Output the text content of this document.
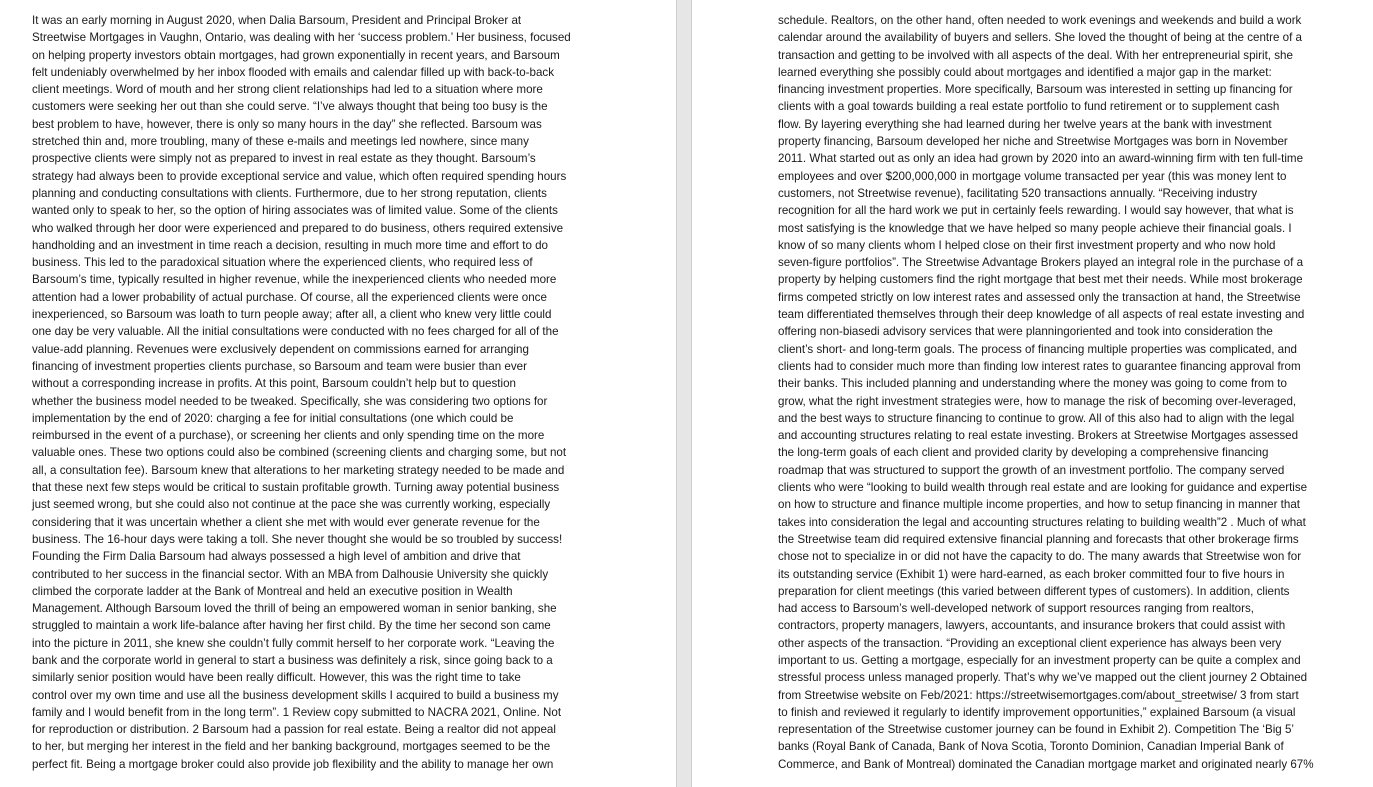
It was an early morning in August 2020, when Dalia Barsoum, President and Principal Broker at
Streetwise Mortgages in Vaughn, Ontario, was dealing with her ‘success problem.’ Her business, focused
on helping property investors obtain mortgages, had grown exponentially in recent years, and Barsoum
felt undeniably overwhelmed by her inbox flooded with emails and calendar filled up with back-to-back
client meetings. Word of mouth and her strong client relationships had led to a situation where more
customers were seeking her out than she could serve. “I’ve always thought that being too busy is the
best problem to have, however, there is only so many hours in the day” she reflected. Barsoum was
stretched thin and, more troubling, many of these e-mails and meetings led nowhere, since many
prospective clients were simply not as prepared to invest in real estate as they thought. Barsoum’s
strategy had always been to provide exceptional service and value, which often required spending hours
planning and conducting consultations with clients. Furthermore, due to her strong reputation, clients
wanted only to speak to her, so the option of hiring associates was of limited value. Some of the clients
who walked through her door were experienced and prepared to do business, others required extensive
handholding and an investment in time reach a decision, resulting in much more time and effort to do
business. This led to the paradoxical situation where the experienced clients, who required less of
Barsoum’s time, typically resulted in higher revenue, while the inexperienced clients who needed more
attention had a lower probability of actual purchase. Of course, all the experienced clients were once
inexperienced, so Barsoum was loath to turn people away; after all, a client who knew very little could
one day be very valuable. All the initial consultations were conducted with no fees charged for all of the
value-add planning. Revenues were exclusively dependent on commissions earned for arranging
financing of investment properties clients purchase, so Barsoum and team were busier than ever
without a corresponding increase in profits. At this point, Barsoum couldn’t help but to question
whether the business model needed to be tweaked. Specifically, she was considering two options for
implementation by the end of 2020: charging a fee for initial consultations (one which could be
reimbursed in the event of a purchase), or screening her clients and only spending time on the more
valuable ones. These two options could also be combined (screening clients and charging some, but not
all, a consultation fee). Barsoum knew that alterations to her marketing strategy needed to be made and
that these next few steps would be critical to sustain profitable growth. Turning away potential business
just seemed wrong, but she could also not continue at the pace she was currently working, especially
considering that it was uncertain whether a client she met with would ever generate revenue for the
business. The 16-hour days were taking a toll. She never thought she would be so troubled by success!
Founding the Firm Dalia Barsoum had always possessed a high level of ambition and drive that
contributed to her success in the financial sector. With an MBA from Dalhousie University she quickly
climbed the corporate ladder at the Bank of Montreal and held an executive position in Wealth
Management. Although Barsoum loved the thrill of being an empowered woman in senior banking, she
struggled to maintain a work life-balance after having her first child. By the time her second son came
into the picture in 2011, she knew she couldn’t fully commit herself to her corporate work. “Leaving the
bank and the corporate world in general to start a business was definitely a risk, since going back to a
similarly senior position would have been really difficult. However, this was the right time to take
control over my own time and use all the business development skills I acquired to build a business my
family and I would benefit from in the long term”. 1 Review copy submitted to NACRA 2021, Online. Not
for reproduction or distribution. 2 Barsoum had a passion for real estate. Being a realtor did not appeal
to her, but merging her interest in the field and her banking background, mortgages seemed to be the
perfect fit. Being a mortgage broker could also provide job flexibility and the ability to manage her own
schedule. Realtors, on the other hand, often needed to work evenings and weekends and build a work
calendar around the availability of buyers and sellers. She loved the thought of being at the centre of a
transaction and getting to be involved with all aspects of the deal. With her entrepreneurial spirit, she
learned everything she possibly could about mortgages and identified a major gap in the market:
financing investment properties. More specifically, Barsoum was interested in setting up financing for
clients with a goal towards building a real estate portfolio to fund retirement or to supplement cash
flow. By layering everything she had learned during her twelve years at the bank with investment
property financing, Barsoum developed her niche and Streetwise Mortgages was born in November
2011. What started out as only an idea had grown by 2020 into an award-winning firm with ten full-time
employees and over $200,000,000 in mortgage volume transacted per year (this was money lent to
customers, not Streetwise revenue), facilitating 520 transactions annually. “Receiving industry
recognition for all the hard work we put in certainly feels rewarding. I would say however, that what is
most satisfying is the knowledge that we have helped so many people achieve their financial goals. I
know of so many clients whom I helped close on their first investment property and who now hold
seven-figure portfolios”. The Streetwise Advantage Brokers played an integral role in the purchase of a
property by helping customers find the right mortgage that best met their needs. While most brokerage
firms competed strictly on low interest rates and assessed only the transaction at hand, the Streetwise
team differentiated themselves through their deep knowledge of all aspects of real estate investing and
offering non-biasedi advisory services that were planningoriented and took into consideration the
client’s short- and long-term goals. The process of financing multiple properties was complicated, and
clients had to consider much more than finding low interest rates to guarantee financing approval from
their banks. This included planning and understanding where the money was going to come from to
grow, what the right investment strategies were, how to manage the risk of becoming over-leveraged,
and the best ways to structure financing to continue to grow. All of this also had to align with the legal
and accounting structures relating to real estate investing. Brokers at Streetwise Mortgages assessed
the long-term goals of each client and provided clarity by developing a comprehensive financing
roadmap that was structured to support the growth of an investment portfolio. The company served
clients who were “looking to build wealth through real estate and are looking for guidance and expertise
on how to structure and finance multiple income properties, and how to setup financing in manner that
takes into consideration the legal and accounting structures relating to building wealth”2 . Much of what
the Streetwise team did required extensive financial planning and forecasts that other brokerage firms
chose not to specialize in or did not have the capacity to do. The many awards that Streetwise won for
its outstanding service (Exhibit 1) were hard-earned, as each broker committed four to five hours in
preparation for client meetings (this varied between different types of customers). In addition, clients
had access to Barsoum’s well-developed network of support resources ranging from realtors,
contractors, property managers, lawyers, accountants, and insurance brokers that could assist with
other aspects of the transaction. “Providing an exceptional client experience has always been very
important to us. Getting a mortgage, especially for an investment property can be quite a complex and
stressful process unless managed properly. That’s why we’ve mapped out the client journey 2 Obtained
from Streetwise website on Feb/2021: https://streetwisemortgages.com/about_streetwise/ 3 from start
to finish and reviewed it regularly to identify improvement opportunities,” explained Barsoum (a visual
representation of the Streetwise customer journey can be found in Exhibit 2). Competition The ‘Big 5’
banks (Royal Bank of Canada, Bank of Nova Scotia, Toronto Dominion, Canadian Imperial Bank of
Commerce, and Bank of Montreal) dominated the Canadian mortgage market and originated nearly 67%
